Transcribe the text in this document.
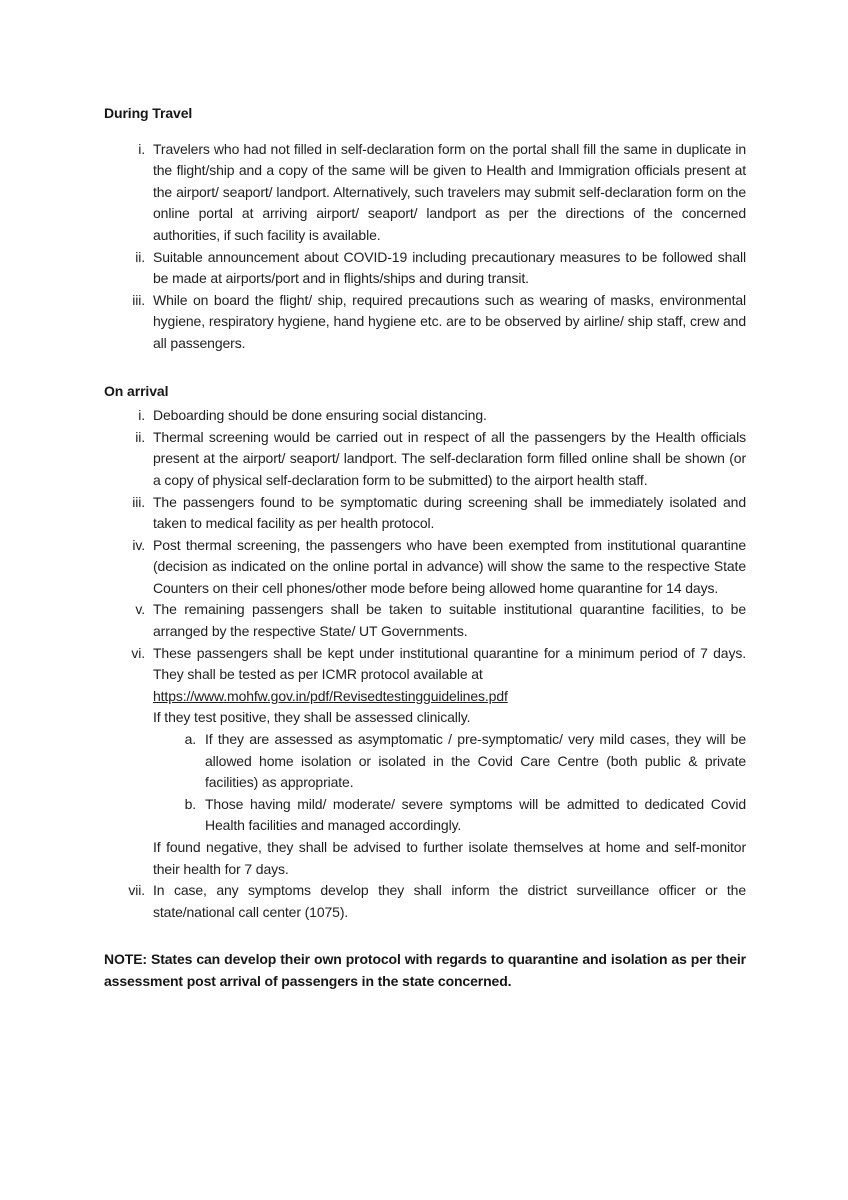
During Travel
i. Travelers who had not filled in self-declaration form on the portal shall fill the same in duplicate in the flight/ship and a copy of the same will be given to Health and Immigration officials present at the airport/ seaport/ landport. Alternatively, such travelers may submit self-declaration form on the online portal at arriving airport/ seaport/ landport as per the directions of the concerned authorities, if such facility is available.

ii. Suitable announcement about COVID-19 including precautionary measures to be followed shall be made at airports/port and in flights/ships and during transit.

iii. While on board the flight/ ship, required precautions such as wearing of masks, environmental hygiene, respiratory hygiene, hand hygiene etc. are to be observed by airline/ ship staff, crew and all passengers.

On arrival
i. Deboarding should be done ensuring social distancing.

ii. Thermal screening would be carried out in respect of all the passengers by the Health officials present at the airport/ seaport/ landport. The self-declaration form filled online shall be shown (or a copy of physical self-declaration form to be submitted) to the airport health staff.

iii. The passengers found to be symptomatic during screening shall be immediately isolated and taken to medical facility as per health protocol.

iv. Post thermal screening, the passengers who have been exempted from institutional quarantine (decision as indicated on the online portal in advance) will show the same to the respective State Counters on their cell phones/other mode before being allowed home quarantine for 14 days.

v. The remaining passengers shall be taken to suitable institutional quarantine facilities, to be arranged by the respective State/ UT Governments.

vi. These passengers shall be kept under institutional quarantine for a minimum period of 7 days. They shall be tested as per ICMR protocol available at

https://www.mohfw.gov.in/pdf/Revisedtestingguidelines.pdf

If they test positive, they shall be assessed clinically.

a. If they are assessed as asymptomatic / pre-symptomatic/ very mild cases, they will be allowed home isolation or isolated in the Covid Care Centre (both public & private facilities) as appropriate.

b. Those having mild/ moderate/ severe symptoms will be admitted to dedicated Covid Health facilities and managed accordingly.

If found negative, they shall be advised to further isolate themselves at home and self-monitor their health for 7 days.

vii. In case, any symptoms develop they shall inform the district surveillance officer or the state/national call center (1075).

NOTE: States can develop their own protocol with regards to quarantine and isolation as per their assessment post arrival of passengers in the state concerned.
